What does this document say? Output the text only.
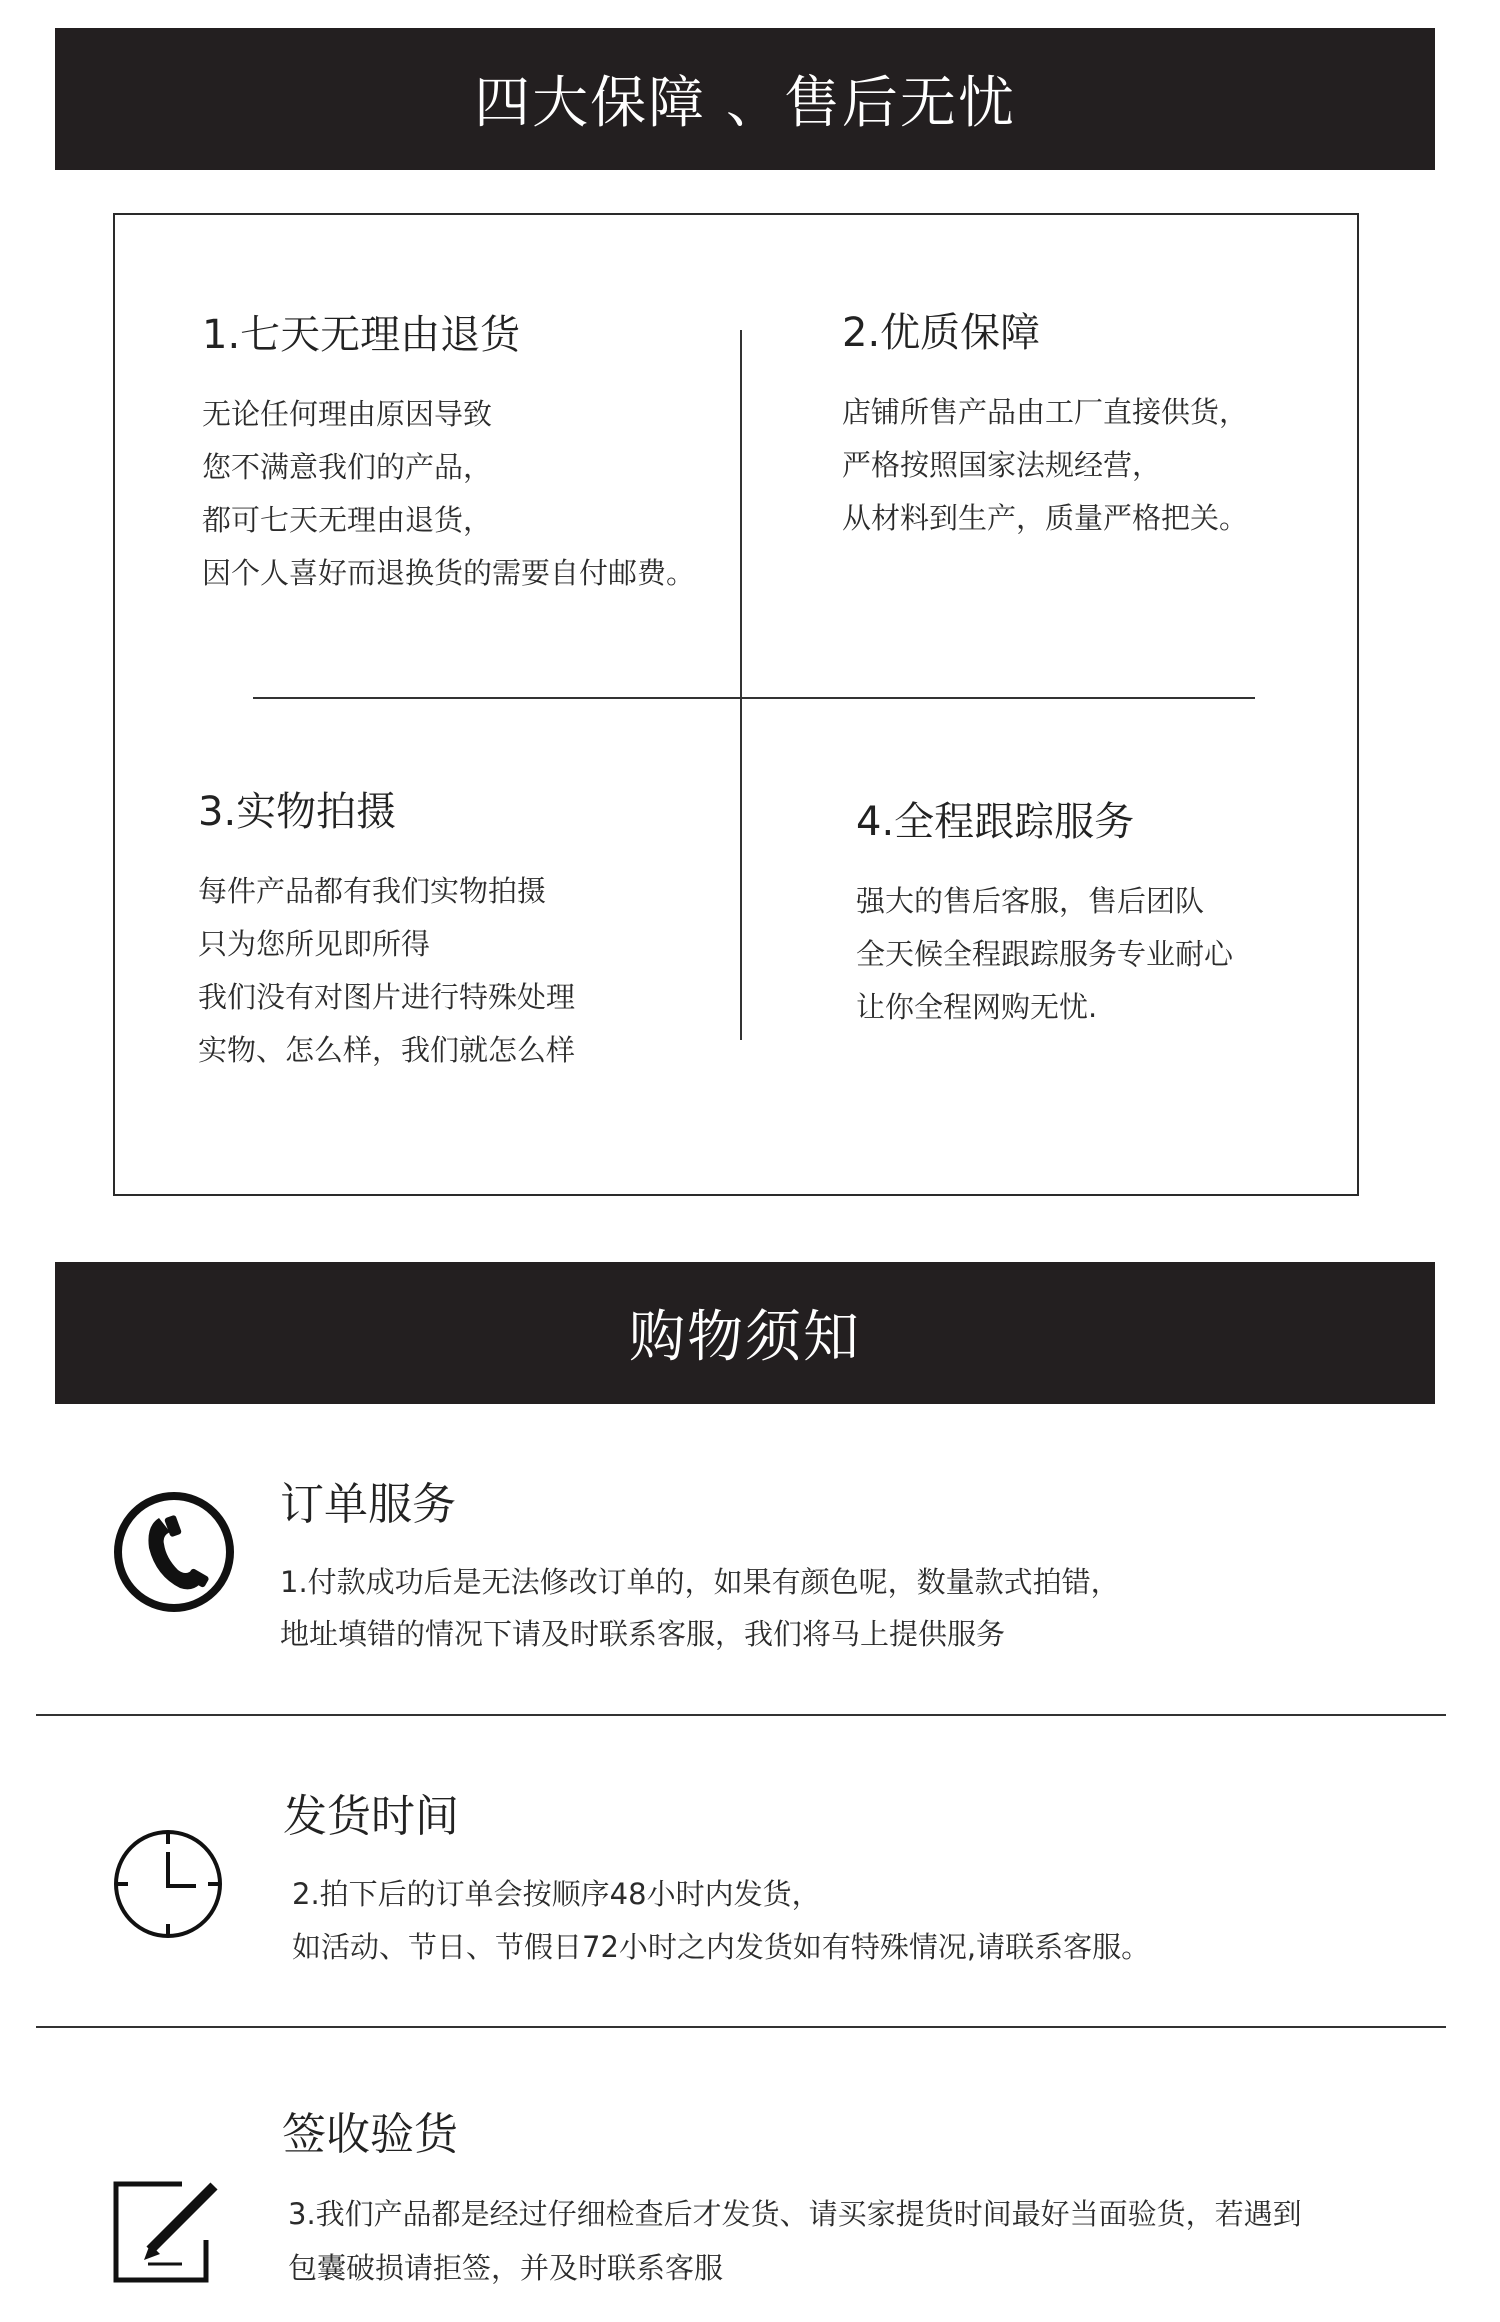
四大保障 、售后无忧
1.七天无理由退货
无论任何理由原因导致
您不满意我们的产品，
都可七天无理由退货，
因个人喜好而退换货的需要自付邮费。
2.优质保障
店铺所售产品由工厂直接供货，
严格按照国家法规经营，
从材料到生产，质量严格把关。
3.实物拍摄
每件产品都有我们实物拍摄
只为您所见即所得
我们没有对图片进行特殊处理
实物、怎么样，我们就怎么样
4.全程跟踪服务
强大的售后客服，售后团队
全天候全程跟踪服务专业耐心
让你全程网购无忧.
购物须知
订单服务
1.付款成功后是无法修改订单的，如果有颜色呢，数量款式拍错，
地址填错的情况下请及时联系客服，我们将马上提供服务
发货时间
2.拍下后的订单会按顺序48小时内发货，
如活动、节日、节假日72小时之内发货如有特殊情况,请联系客服。
签收验货
3.我们产品都是经过仔细检查后才发货、请买家提货时间最好当面验货，若遇到
包囊破损请拒签，并及时联系客服
